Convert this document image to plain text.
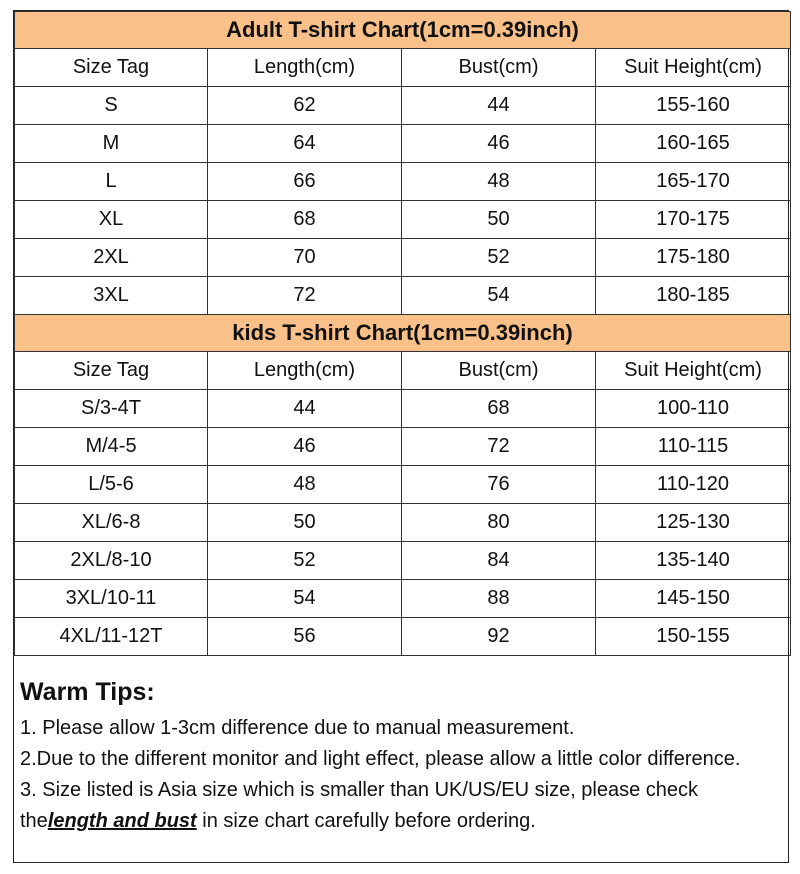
Adult T-shirt Chart(1cm=0.39inch)			
Size Tag	Length(cm)	Bust(cm)	Suit Height(cm)
S	62	44	155-160
M	64	46	160-165
L	66	48	165-170
XL	68	50	170-175
2XL	70	52	175-180
3XL	72	54	180-185
kids T-shirt Chart(1cm=0.39inch)			
Size Tag	Length(cm)	Bust(cm)	Suit Height(cm)
S/3-4T	44	68	100-110
M/4-5	46	72	110-115
L/5-6	48	76	110-120
XL/6-8	50	80	125-130
2XL/8-10	52	84	135-140
3XL/10-11	54	88	145-150
4XL/11-12T	56	92	150-155
Warm Tips:

1. Please allow 1-3cm difference due to manual measurement.

2.Due to the different monitor and light effect, please allow a little color difference.

3. Size listed is Asia size which is smaller than UK/US/EU size, please check thelength and bust in size chart carefully before ordering.
